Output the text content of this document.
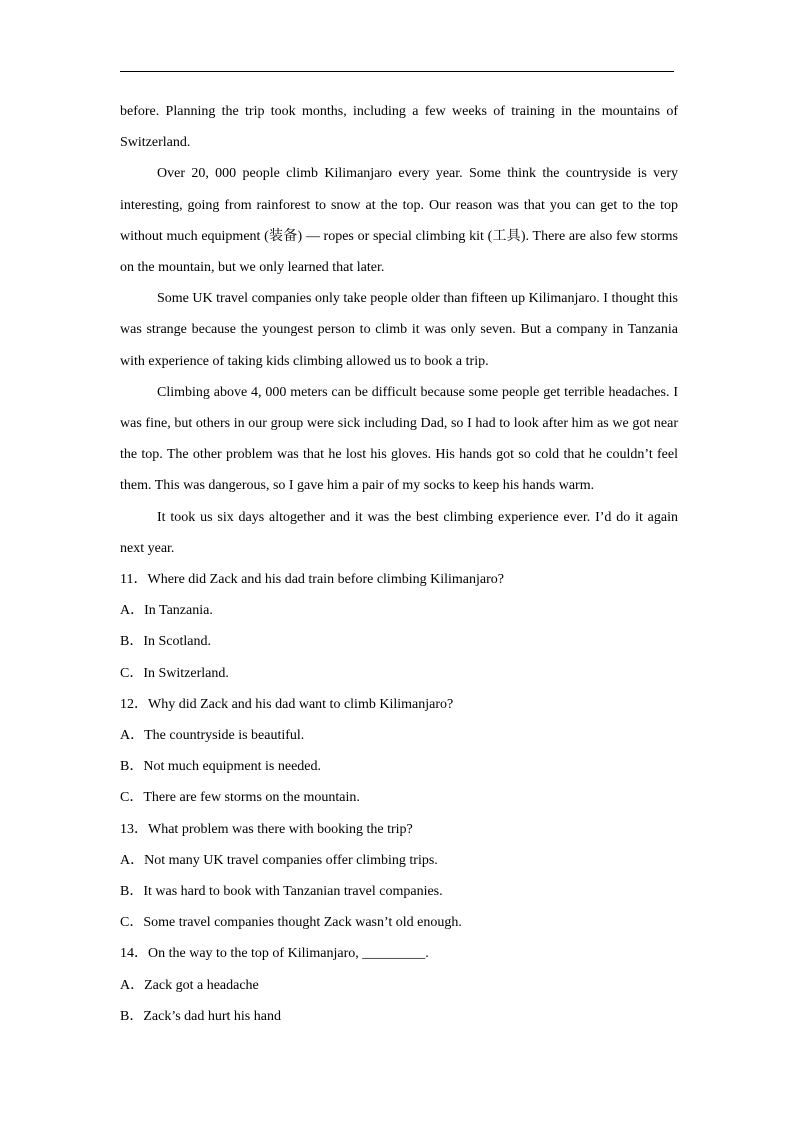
before. Planning the trip took months, including a few weeks of training in the mountains of Switzerland.

Over 20, 000 people climb Kilimanjaro every year. Some think the countryside is very interesting, going from rainforest to snow at the top. Our reason was that you can get to the top without much equipment (装备) — ropes or special climbing kit (工具). There are also few storms on the mountain, but we only learned that later.

Some UK travel companies only take people older than fifteen up Kilimanjaro. I thought this was strange because the youngest person to climb it was only seven. But a company in Tanzania with experience of taking kids climbing allowed us to book a trip.

Climbing above 4, 000 meters can be difficult because some people get terrible headaches. I was fine, but others in our group were sick including Dad, so I had to look after him as we got near the top. The other problem was that he lost his gloves. His hands got so cold that he couldn’t feel them. This was dangerous, so I gave him a pair of my socks to keep his hands warm.

It took us six days altogether and it was the best climbing experience ever. I’d do it again next year.

11．Where did Zack and his dad train before climbing Kilimanjaro?
A．In Tanzania.
B．In Scotland.
C．In Switzerland.
12．Why did Zack and his dad want to climb Kilimanjaro?
A．The countryside is beautiful.
B．Not much equipment is needed.
C．There are few storms on the mountain.
13．What problem was there with booking the trip?
A．Not many UK travel companies offer climbing trips.
B．It was hard to book with Tanzanian travel companies.
C．Some travel companies thought Zack wasn’t old enough.
14．On the way to the top of Kilimanjaro, _________.
A．Zack got a headache
B．Zack’s dad hurt his hand
